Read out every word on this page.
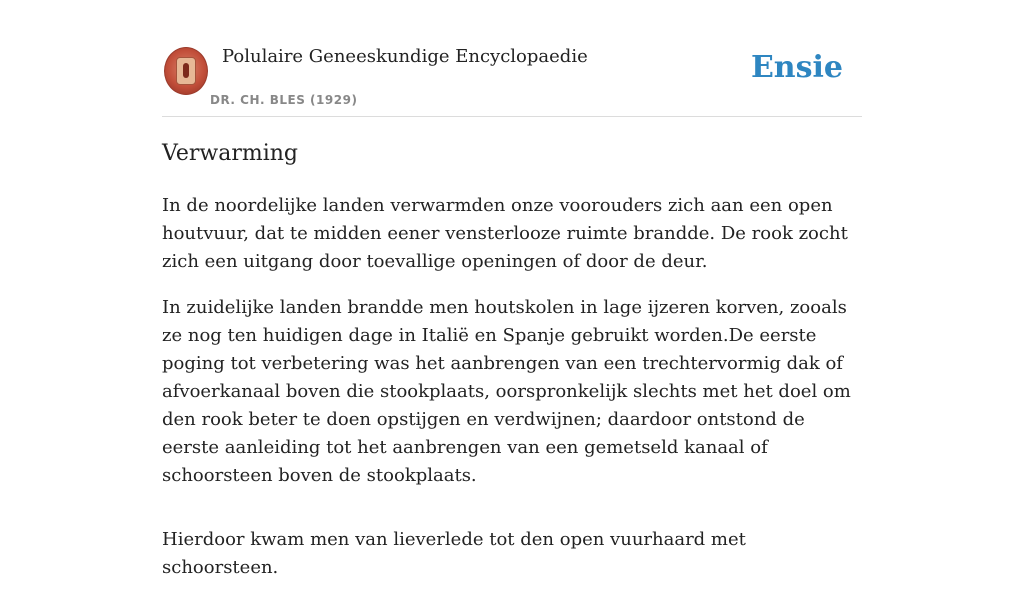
Polulaire Geneeskundige Encyclopaedie
DR. CH. BLES (1929)
Ensie
Verwarming

In de noordelijke landen verwarmden onze voorouders zich aan een open houtvuur, dat te midden eener vensterlooze ruimte brandde. De rook zocht zich een uitgang door toevallige openingen of door de deur.

In zuidelijke landen brandde men houtskolen in lage ijzeren korven, zooals ze nog ten huidigen dage in Italië en Spanje gebruikt worden.De eerste poging tot verbetering was het aanbrengen van een trechtervormig dak of afvoerkanaal boven die stookplaats, oorspronkelijk slechts met het doel om den rook beter te doen opstijgen en verdwijnen; daardoor ontstond de eerste aanleiding tot het aanbrengen van een gemetseld kanaal of schoorsteen boven de stookplaats.

Hierdoor kwam men van lieverlede tot den open vuurhaard met schoorsteen.
